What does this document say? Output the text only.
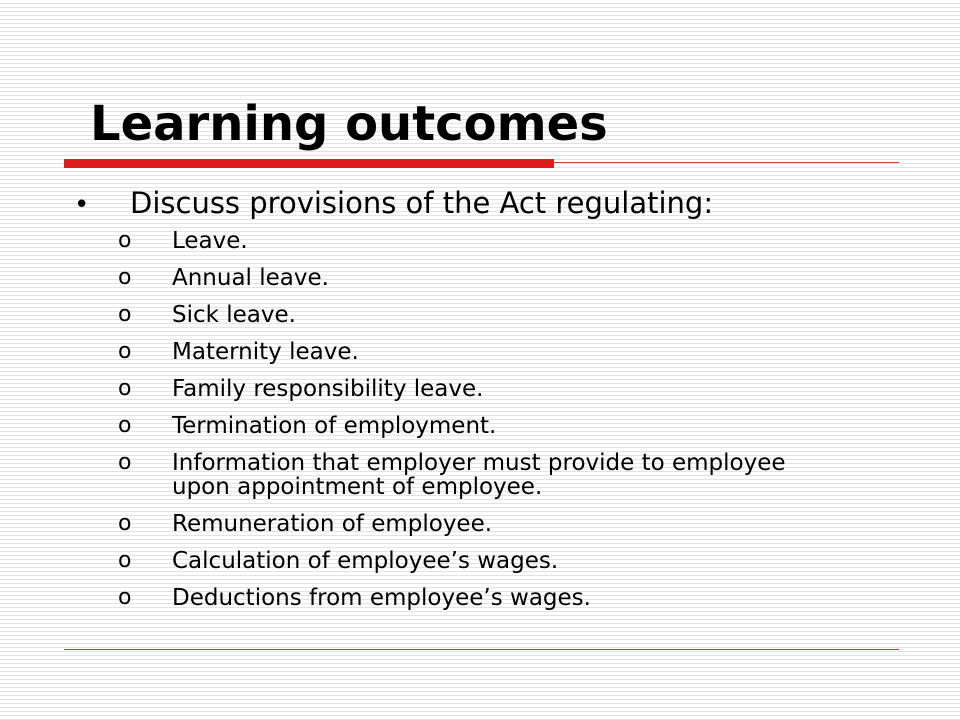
Learning outcomes
•	Discuss provisions of the Act regulating:
o	Leave.
o	Annual leave.
o	Sick leave.
o	Maternity leave.
o	Family responsibility leave.
o	Termination of employment.
o	Information that employer must provide to employee upon appointment of employee.
o	Remuneration of employee.
o	Calculation of employee’s wages.
o	Deductions from employee’s wages.
